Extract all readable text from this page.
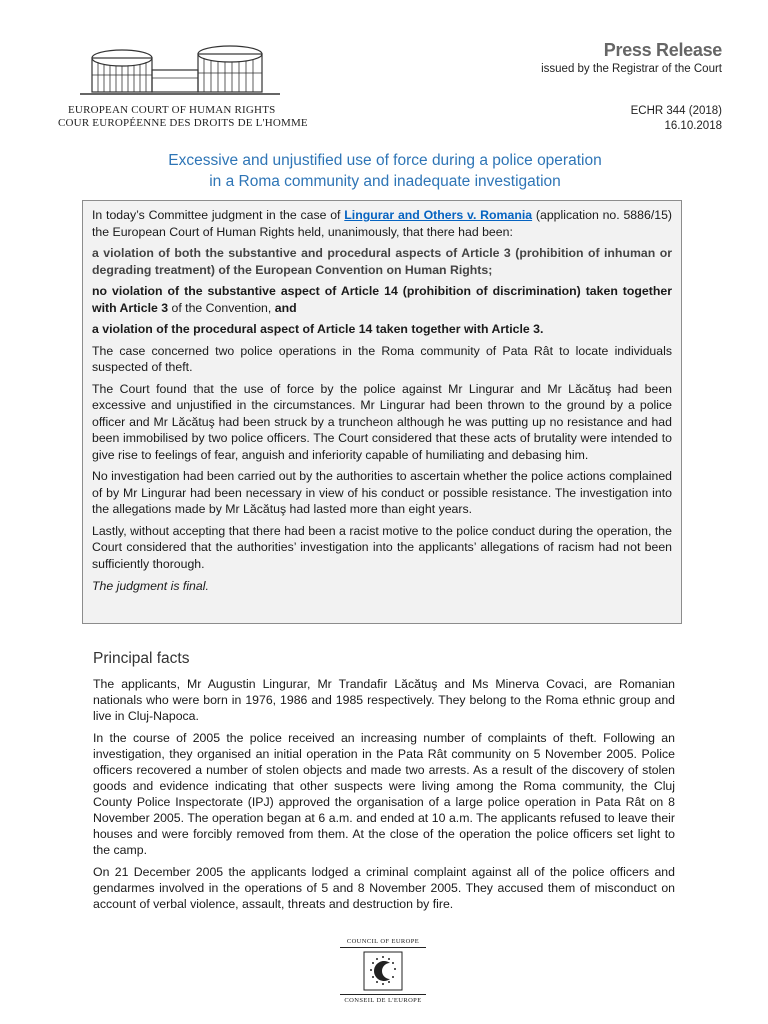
EUROPEAN COURT OF HUMAN RIGHTS
COUR EUROPÉENNE DES DROITS DE L'HOMME
Press Release
issued by the Registrar of the Court
ECHR 344 (2018)
16.10.2018
Excessive and unjustified use of force during a police operation
in a Roma community and inadequate investigation

In today’s Committee judgment in the case of Lingurar and Others v. Romania (application no. 5886/15) the European Court of Human Rights held, unanimously, that there had been:

a violation of both the substantive and procedural aspects of Article 3 (prohibition of inhuman or degrading treatment) of the European Convention on Human Rights;

no violation of the substantive aspect of Article 14 (prohibition of discrimination) taken together with Article 3 of the Convention, and

a violation of the procedural aspect of Article 14 taken together with Article 3.

The case concerned two police operations in the Roma community of Pata Rât to locate individuals suspected of theft.

The Court found that the use of force by the police against Mr Lingurar and Mr Lăcătuş had been excessive and unjustified in the circumstances. Mr Lingurar had been thrown to the ground by a police officer and Mr Lăcătuş had been struck by a truncheon although he was putting up no resistance and had been immobilised by two police officers. The Court considered that these acts of brutality were intended to give rise to feelings of fear, anguish and inferiority capable of humiliating and debasing him.

No investigation had been carried out by the authorities to ascertain whether the police actions complained of by Mr Lingurar had been necessary in view of his conduct or possible resistance. The investigation into the allegations made by Mr Lăcătuş had lasted more than eight years.

Lastly, without accepting that there had been a racist motive to the police conduct during the operation, the Court considered that the authorities’ investigation into the applicants’ allegations of racism had not been sufficiently thorough.

The judgment is final.

Principal facts

The applicants, Mr Augustin Lingurar, Mr Trandafir Lăcătuş and Ms Minerva Covaci, are Romanian nationals who were born in 1976, 1986 and 1985 respectively. They belong to the Roma ethnic group and live in Cluj-Napoca.

In the course of 2005 the police received an increasing number of complaints of theft. Following an investigation, they organised an initial operation in the Pata Rât community on 5 November 2005. Police officers recovered a number of stolen objects and made two arrests. As a result of the discovery of stolen goods and evidence indicating that other suspects were living among the Roma community, the Cluj County Police Inspectorate (IPJ) approved the organisation of a large police operation in Pata Rât on 8 November 2005. The operation began at 6 a.m. and ended at 10 a.m. The applicants refused to leave their houses and were forcibly removed from them. At the close of the operation the police officers set light to the camp.

On 21 December 2005 the applicants lodged a criminal complaint against all of the police officers and gendarmes involved in the operations of 5 and 8 November 2005. They accused them of misconduct on account of verbal violence, assault, threats and destruction by fire.

COUNCIL OF EUROPE
CONSEIL DE L'EUROPE
